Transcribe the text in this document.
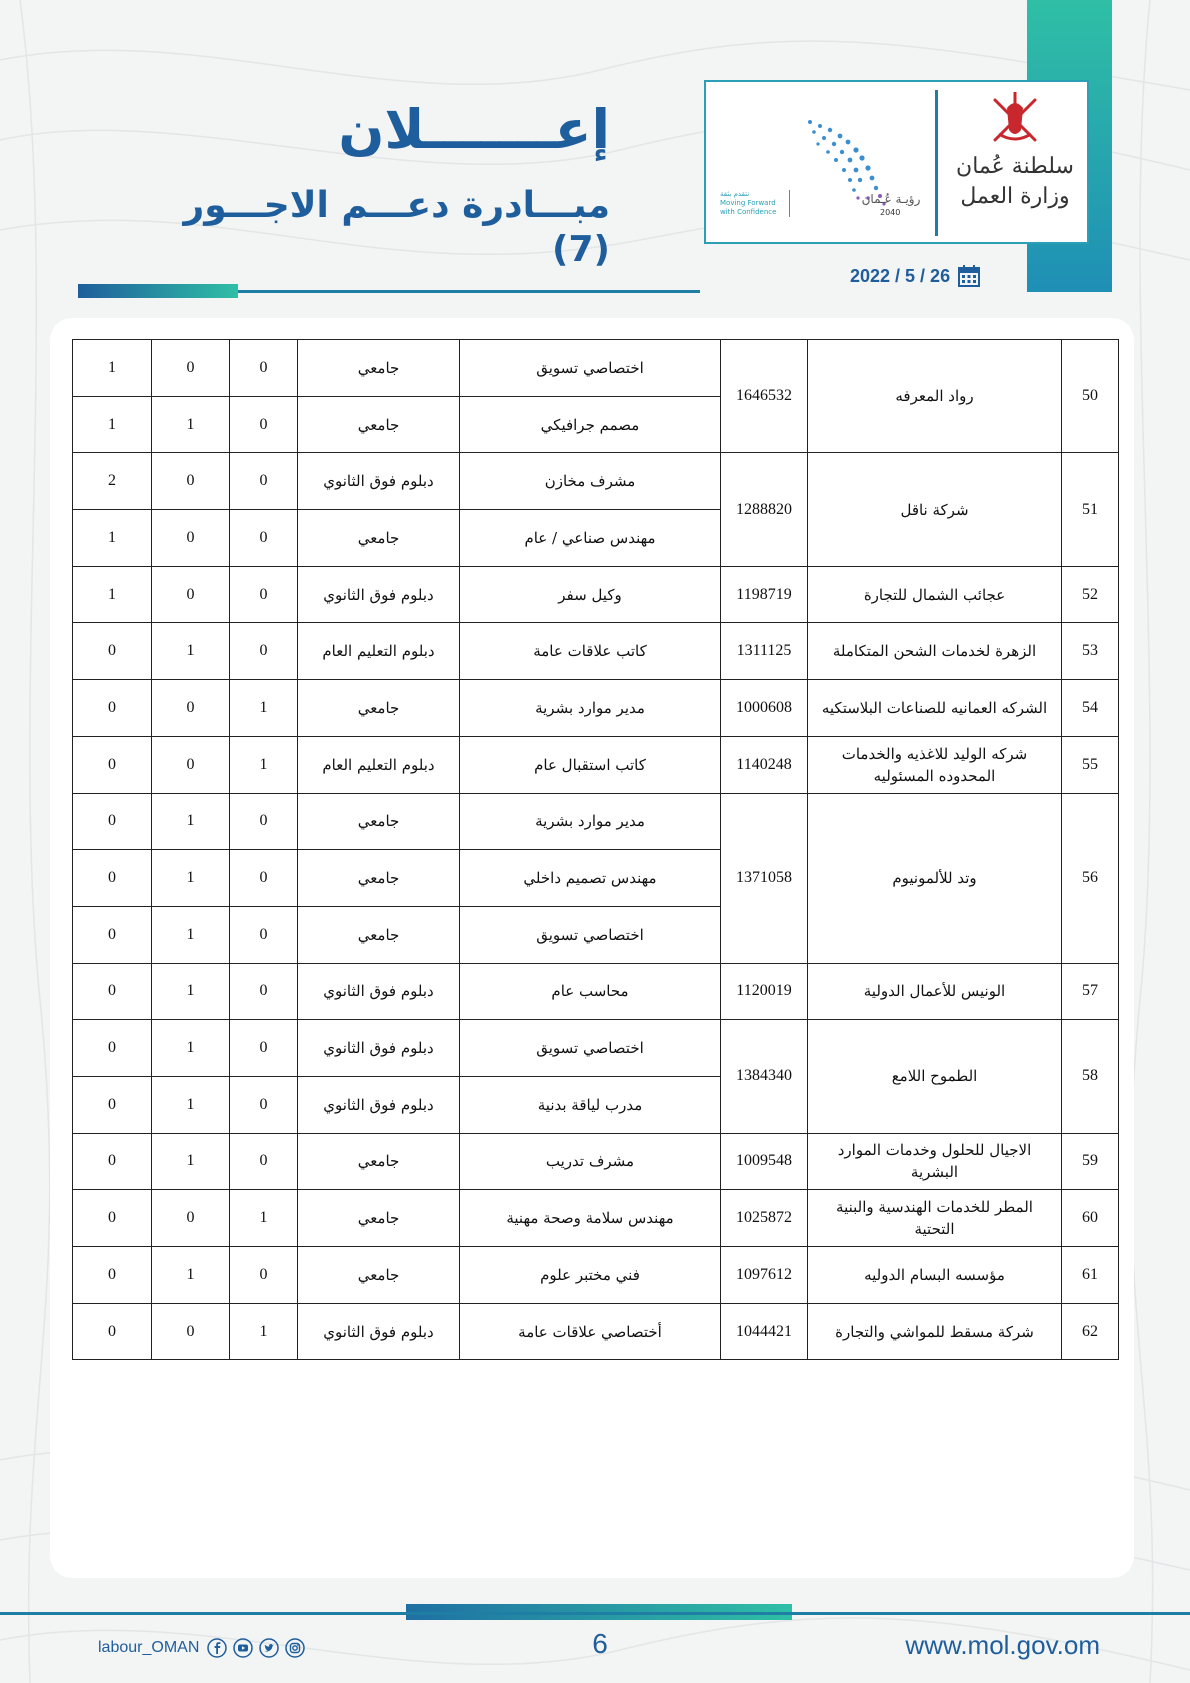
رؤيـة عُـمان
2040
نتقدم بثقة
Moving Forward
with Confidence
سلطنة عُمان
وزارة العمل
2022 / 5 / 26
إعـــــــلان
مبـــادرة دعـــم الاجـــور (7)
50	رواد المعرفه	1646532	اختصاصي تسويق	جامعي	0	0	1
			مصمم جرافيكي	جامعي	0	1	1
51	شركة ناقل	1288820	مشرف مخازن	دبلوم فوق الثانوي	0	0	2
			مهندس صناعي / عام	جامعي	0	0	1
52	عجائب الشمال للتجارة	1198719	وكيل سفر	دبلوم فوق الثانوي	0	0	1
53	الزهرة لخدمات الشحن المتكاملة	1311125	كاتب علاقات عامة	دبلوم التعليم العام	0	1	0
54	الشركه العمانيه للصناعات البلاستكيه	1000608	مدير موارد بشرية	جامعي	1	0	0
55	شركه الوليد للاغذيه والخدمات المحدوده المسئوليه	1140248	كاتب استقبال عام	دبلوم التعليم العام	1	0	0
56	وتد للألمونيوم	1371058	مدير موارد بشرية	جامعي	0	1	0
			مهندس تصميم داخلي	جامعي	0	1	0
			اختصاصي تسويق	جامعي	0	1	0
57	الونيس للأعمال الدولية	1120019	محاسب عام	دبلوم فوق الثانوي	0	1	0
58	الطموح اللامع	1384340	اختصاصي تسويق	دبلوم فوق الثانوي	0	1	0
			مدرب لياقة بدنية	دبلوم فوق الثانوي	0	1	0
59	الاجيال للحلول وخدمات الموارد البشرية	1009548	مشرف تدريب	جامعي	0	1	0
60	المطر للخدمات الهندسية والبنية التحتية	1025872	مهندس سلامة وصحة مهنية	جامعي	1	0	0
61	مؤسسه البسام الدوليه	1097612	فني مختبر علوم	جامعي	0	1	0
62	شركة مسقط للمواشي والتجارة	1044421	أختصاصي علاقات عامة	دبلوم فوق الثانوي	1	0	0
labour_OMAN	6	www.mol.gov.om
